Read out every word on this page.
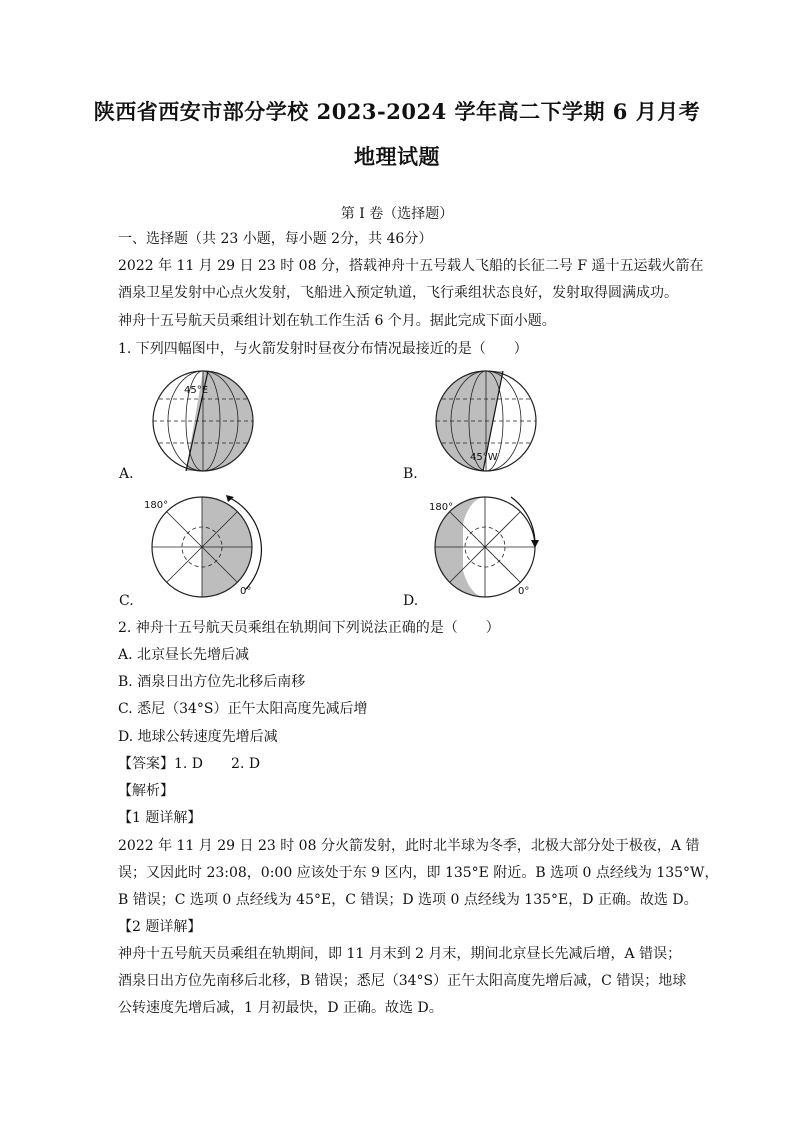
陕西省西安市部分学校 2023-2024 学年高二下学期 6 月月考
地理试题
第 I 卷（选择题）
一、选择题（共 23 小题，每小题 2分，共 46分）
2022 年 11 月 29 日 23 时 08 分，搭载神舟十五号载人飞船的长征二号 F 遥十五运载火箭在
酒泉卫星发射中心点火发射，飞船进入预定轨道，飞行乘组状态良好，发射取得圆满成功。
神舟十五号航天员乘组计划在轨工作生活 6 个月。据此完成下面小题。
1. 下列四幅图中，与火箭发射时昼夜分布情况最接近的是（　　）
45°E
A.
45°W
B.
180°
0°
C.
180°
0°
D.
2. 神舟十五号航天员乘组在轨期间下列说法正确的是（　　）
A. 北京昼长先增后减
B. 酒泉日出方位先北移后南移
C. 悉尼（34°S）正午太阳高度先减后增
D. 地球公转速度先增后减
【答案】1. D　　2. D
【解析】
【1 题详解】
2022 年 11 月 29 日 23 时 08 分火箭发射，此时北半球为冬季，北极大部分处于极夜，A 错
误；又因此时 23:08，0:00 应该处于东 9 区内，即 135°E 附近。B 选项 0 点经线为 135°W，
B 错误；C 选项 0 点经线为 45°E，C 错误；D 选项 0 点经线为 135°E，D 正确。故选 D。
【2 题详解】
神舟十五号航天员乘组在轨期间，即 11 月末到 2 月末，期间北京昼长先减后增，A 错误；
酒泉日出方位先南移后北移，B 错误；悉尼（34°S）正午太阳高度先增后减，C 错误；地球
公转速度先增后减，1 月初最快，D 正确。故选 D。
